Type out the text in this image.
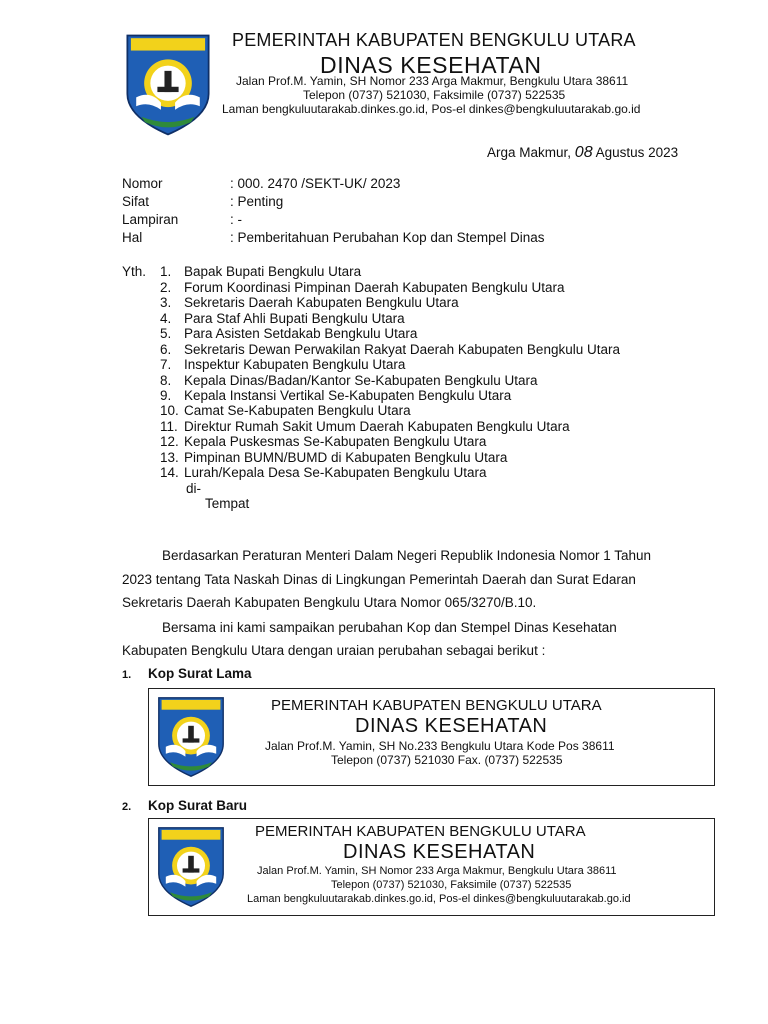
PEMERINTAH KABUPATEN BENGKULU UTARA
DINAS KESEHATAN
Jalan Prof.M. Yamin, SH Nomor 233 Arga Makmur, Bengkulu Utara 38611
Telepon (0737) 521030, Faksimile (0737) 522535
Laman bengkuluutarakab.dinkes.go.id, Pos-el dinkes@bengkuluutarakab.go.id
Arga Makmur, 08 Agustus 2023
Nomor	: 000. 2470 /SEKT-UK/ 2023
Sifat	: Penting
Lampiran	: -
Hal	: Pemberitahuan Perubahan Kop dan Stempel Dinas
Yth. 1. Bapak Bupati Bengkulu Utara
2. Forum Koordinasi Pimpinan Daerah Kabupaten Bengkulu Utara
3. Sekretaris Daerah Kabupaten Bengkulu Utara
4. Para Staf Ahli Bupati Bengkulu Utara
5. Para Asisten Setdakab Bengkulu Utara
6. Sekretaris Dewan Perwakilan Rakyat Daerah Kabupaten Bengkulu Utara
7. Inspektur Kabupaten Bengkulu Utara
8. Kepala Dinas/Badan/Kantor Se-Kabupaten Bengkulu Utara
9. Kepala Instansi Vertikal Se-Kabupaten Bengkulu Utara
10. Camat Se-Kabupaten Bengkulu Utara
11. Direktur Rumah Sakit Umum Daerah Kabupaten Bengkulu Utara
12. Kepala Puskesmas Se-Kabupaten Bengkulu Utara
13. Pimpinan BUMN/BUMD di Kabupaten Bengkulu Utara
14. Lurah/Kepala Desa Se-Kabupaten Bengkulu Utara
di-
Tempat
Berdasarkan Peraturan Menteri Dalam Negeri Republik Indonesia Nomor 1 Tahun
2023 tentang Tata Naskah Dinas di Lingkungan Pemerintah Daerah dan Surat Edaran
Sekretaris Daerah Kabupaten Bengkulu Utara Nomor 065/3270/B.10.
Bersama ini kami sampaikan perubahan Kop dan Stempel Dinas Kesehatan
Kabupaten Bengkulu Utara dengan uraian perubahan sebagai berikut :
1. Kop Surat Lama
PEMERINTAH KABUPATEN BENGKULU UTARA
DINAS KESEHATAN
Jalan Prof.M. Yamin, SH No.233 Bengkulu Utara Kode Pos 38611
Telepon (0737) 521030 Fax. (0737) 522535
2. Kop Surat Baru
PEMERINTAH KABUPATEN BENGKULU UTARA
DINAS KESEHATAN
Jalan Prof.M. Yamin, SH Nomor 233 Arga Makmur, Bengkulu Utara 38611
Telepon (0737) 521030, Faksimile (0737) 522535
Laman bengkuluutarakab.dinkes.go.id, Pos-el dinkes@bengkuluutarakab.go.id
